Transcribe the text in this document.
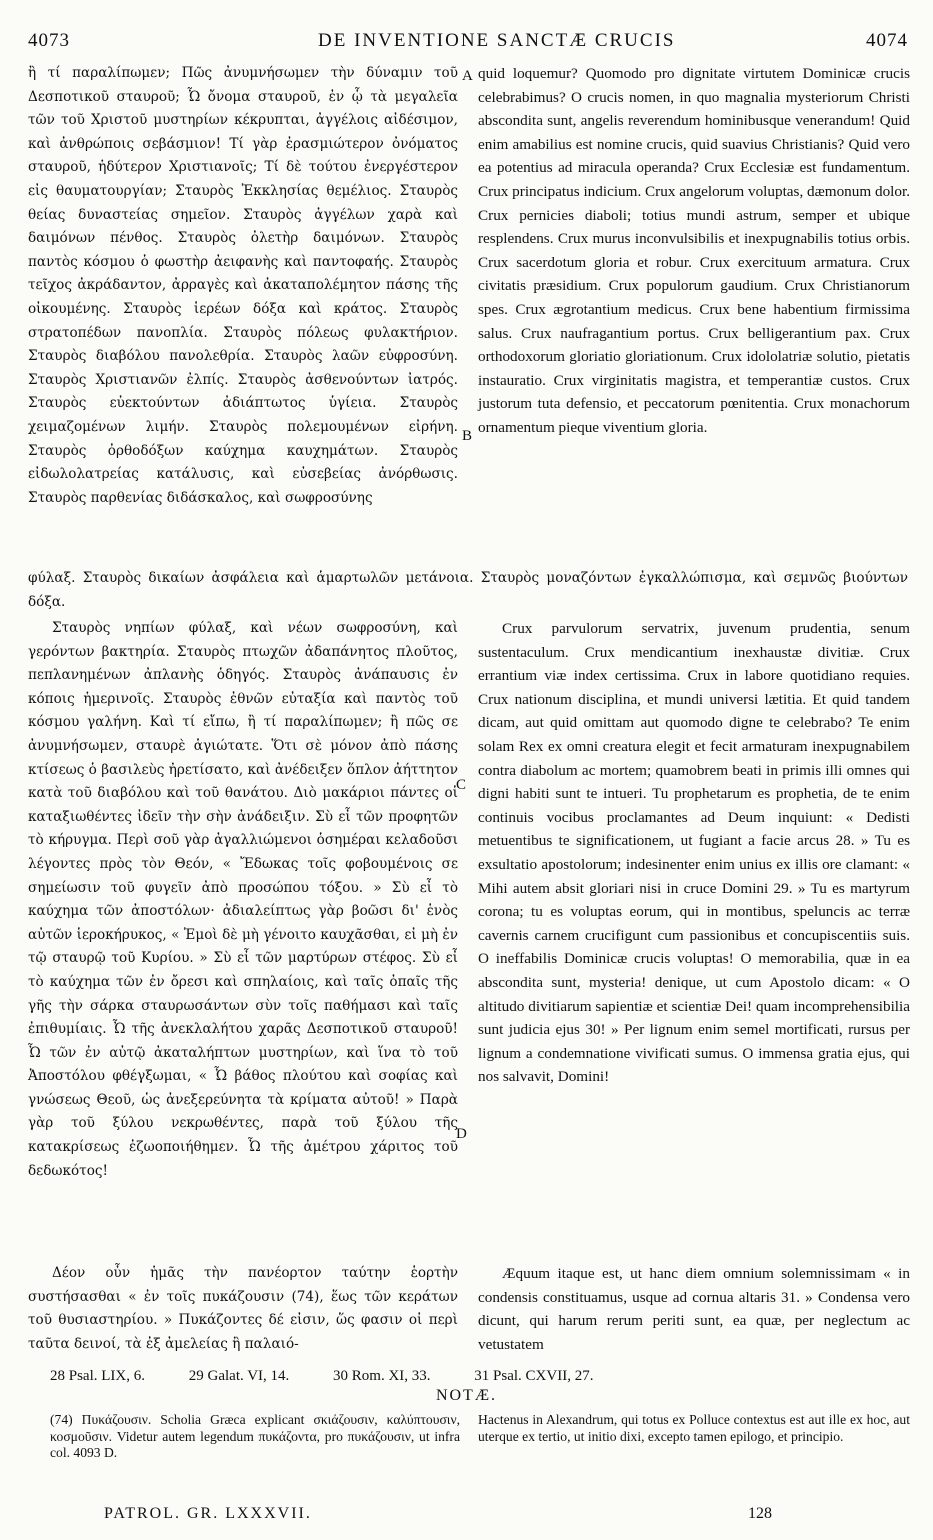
4073	DE INVENTIONE SANCTÆ CRUCIS	4074

ἢ τί παραλίπωμεν; Πῶς ἀνυμνήσωμεν τὴν δύναμιν τοῦ Δεσποτικοῦ σταυροῦ; Ὦ ὄνομα σταυροῦ, ἐν ᾧ τὰ μεγαλεῖα τῶν τοῦ Χριστοῦ μυστηρίων κέκρυπται, ἀγγέλοις αἰδέσιμον, καὶ ἀνθρώποις σεβάσμιον! Τί γὰρ ἐρασμιώτερον ὀνόματος σταυροῦ, ἡδύτερον Χριστιανοῖς; Τί δὲ τούτου ἐνεργέστερον εἰς θαυματουργίαν; Σταυρὸς Ἐκκλησίας θεμέλιος. Σταυρὸς θείας δυναστείας σημεῖον. Σταυρὸς ἀγγέλων χαρὰ καὶ δαιμόνων πένθος. Σταυρὸς ὀλετὴρ δαιμόνων. Σταυρὸς παντὸς κόσμου ὁ φωστὴρ ἀειφανὴς καὶ παντοφαής. Σταυρὸς τεῖχος ἀκράδαντον, ἀρραγὲς καὶ ἀκαταπολέμητον πάσης τῆς οἰκουμένης. Σταυρὸς ἱερέων δόξα καὶ κράτος. Σταυρὸς στρατοπέδων πανοπλία. Σταυρὸς πόλεως φυλακτήριον. Σταυρὸς διαβόλου πανολεθρία. Σταυρὸς λαῶν εὐφροσύνη. Σταυρὸς Χριστιανῶν ἐλπίς. Σταυρὸς ἀσθενούντων ἰατρός. Σταυρὸς εὐεκτούντων ἀδιάπτωτος ὑγίεια. Σταυρὸς χειμαζομένων λιμήν. Σταυρὸς πολεμουμένων εἰρήνη. Σταυρὸς ὀρθοδόξων καύχημα καυχημάτων. Σταυρὸς εἰδωλολατρείας κατάλυσις, καὶ εὐσεβείας ἀνόρθωσις. Σταυρὸς παρθενίας διδάσκαλος, καὶ σωφροσύνης

quid loquemur? Quomodo pro dignitate virtutem Dominicæ crucis celebrabimus? O crucis nomen, in quo magnalia mysteriorum Christi abscondita sunt, angelis reverendum hominibusque venerandum! Quid enim amabilius est nomine crucis, quid suavius Christianis? Quid vero ea potentius ad miracula operanda? Crux Ecclesiæ est fundamentum. Crux principatus indicium. Crux angelorum voluptas, dæmonum dolor. Crux pernicies diaboli; totius mundi astrum, semper et ubique resplendens. Crux murus inconvulsibilis et inexpugnabilis totius orbis. Crux sacerdotum gloria et robur. Crux exercituum armatura. Crux civitatis præsidium. Crux populorum gaudium. Crux Christianorum spes. Crux ægrotantium medicus. Crux bene habentium firmissima salus. Crux naufragantium portus. Crux belligerantium pax. Crux orthodoxorum gloriatio gloriationum. Crux idololatriæ solutio, pietatis instauratio. Crux virginitatis magistra, et temperantiæ custos. Crux justorum tuta defensio, et peccatorum pœnitentia. Crux monachorum ornamentum pieque viventium gloria.

A
B

φύλαξ. Σταυρὸς δικαίων ἀσφάλεια καὶ ἁμαρτωλῶν μετάνοια. Σταυρὸς μοναζόντων ἐγκαλλώπισμα, καὶ σεμνῶς βιούντων δόξα.

Σταυρὸς νηπίων φύλαξ, καὶ νέων σωφροσύνη, καὶ γερόντων βακτηρία. Σταυρὸς πτωχῶν ἀδαπάνητος πλοῦτος, πεπλανημένων ἀπλανὴς ὁδηγός. Σταυρὸς ἀνάπαυσις ἐν κόποις ἡμερινοῖς. Σταυρὸς ἐθνῶν εὐταξία καὶ παντὸς τοῦ κόσμου γαλήνη. Καὶ τί εἴπω, ἢ τί παραλίπωμεν; ἢ πῶς σε ἀνυμνήσωμεν, σταυρὲ ἁγιώτατε. Ὅτι σὲ μόνον ἀπὸ πάσης κτίσεως ὁ βασιλεὺς ἠρετίσατο, καὶ ἀνέδειξεν ὅπλον ἀήττητον κατὰ τοῦ διαβόλου καὶ τοῦ θανάτου. Διὸ μακάριοι πάντες οἱ καταξιωθέντες ἰδεῖν τὴν σὴν ἀνάδειξιν. Σὺ εἶ τῶν προφητῶν τὸ κήρυγμα. Περὶ σοῦ γὰρ ἀγαλλιώμενοι ὁσημέραι κελαδοῦσι λέγοντες πρὸς τὸν Θεόν, « Ἔδωκας τοῖς φοβουμένοις σε σημείωσιν τοῦ φυγεῖν ἀπὸ προσώπου τόξου. » Σὺ εἶ τὸ καύχημα τῶν ἀποστόλων· ἀδιαλείπτως γὰρ βοῶσι δι' ἑνὸς αὐτῶν ἱεροκήρυκος, « Ἐμοὶ δὲ μὴ γένοιτο καυχᾶσθαι, εἰ μὴ ἐν τῷ σταυρῷ τοῦ Κυρίου. » Σὺ εἶ τῶν μαρτύρων στέφος. Σὺ εἶ τὸ καύχημα τῶν ἐν ὄρεσι καὶ σπηλαίοις, καὶ ταῖς ὀπαῖς τῆς γῆς τὴν σάρκα σταυρωσάντων σὺν τοῖς παθήμασι καὶ ταῖς ἐπιθυμίαις. Ὦ τῆς ἀνεκλαλήτου χαρᾶς Δεσποτικοῦ σταυροῦ! Ὦ τῶν ἐν αὐτῷ ἀκαταλήπτων μυστηρίων, καὶ ἵνα τὸ τοῦ Ἀποστόλου φθέγξωμαι, « Ὦ βάθος πλούτου καὶ σοφίας καὶ γνώσεως Θεοῦ, ὡς ἀνεξερεύνητα τὰ κρίματα αὐτοῦ! » Παρὰ γὰρ τοῦ ξύλου νεκρωθέντες, παρὰ τοῦ ξύλου τῆς κατακρίσεως ἐζωοποιήθημεν. Ὦ τῆς ἀμέτρου χάριτος τοῦ δεδωκότος!

Crux parvulorum servatrix, juvenum prudentia, senum sustentaculum. Crux mendicantium inexhaustæ divitiæ. Crux errantium viæ index certissima. Crux in labore quotidiano requies. Crux nationum disciplina, et mundi universi lætitia. Et quid tandem dicam, aut quid omittam aut quomodo digne te celebrabo? Te enim solam Rex ex omni creatura elegit et fecit armaturam inexpugnabilem contra diabolum ac mortem; quamobrem beati in primis illi omnes qui digni habiti sunt te intueri. Tu prophetarum es prophetia, de te enim continuis vocibus proclamantes ad Deum inquiunt: « Dedisti metuentibus te significationem, ut fugiant a facie arcus 28. » Tu es exsultatio apostolorum; indesinenter enim unius ex illis ore clamant: « Mihi autem absit gloriari nisi in cruce Domini 29. » Tu es martyrum corona; tu es voluptas eorum, qui in montibus, speluncis ac terræ cavernis carnem crucifigunt cum passionibus et concupiscentiis suis. O ineffabilis Dominicæ crucis voluptas! O memorabilia, quæ in ea abscondita sunt, mysteria! denique, ut cum Apostolo dicam: « O altitudo divitiarum sapientiæ et scientiæ Dei! quam incomprehensibilia sunt judicia ejus 30! » Per lignum enim semel mortificati, rursus per lignum a condemnatione vivificati sumus. O immensa gratia ejus, qui nos salvavit, Domini!

C
D

Δέον οὖν ἡμᾶς τὴν πανέορτον ταύτην ἑορτὴν συστήσασθαι « ἐν τοῖς πυκάζουσιν (74), ἕως τῶν κεράτων τοῦ θυσιαστηρίου. » Πυκάζοντες δέ εἰσιν, ὥς φασιν οἱ περὶ ταῦτα δεινοί, τὰ ἐξ ἀμελείας ἢ παλαιό-

Æquum itaque est, ut hanc diem omnium solemnissimam « in condensis constituamus, usque ad cornua altaris 31. » Condensa vero dicunt, qui harum rerum periti sunt, ea quæ, per neglectum ac vetustatem

28 Psal. LIX, 6.	29 Galat. VI, 14.	30 Rom. XI, 33.	31 Psal. CXVII, 27.
NOTÆ.
(74) Πυκάζουσιν. Scholia Græca explicant σκιάζουσιν, καλύπτουσιν, κοσμοῦσιν. Videtur autem legendum πυκάζοντα, pro πυκάζουσιν, ut infra col. 4093 D.
Hactenus in Alexandrum, qui totus ex Polluce contextus est aut ille ex hoc, aut uterque ex tertio, ut initio dixi, excepto tamen epilogo, et principio.
PATROL. GR. LXXXVII.	128
